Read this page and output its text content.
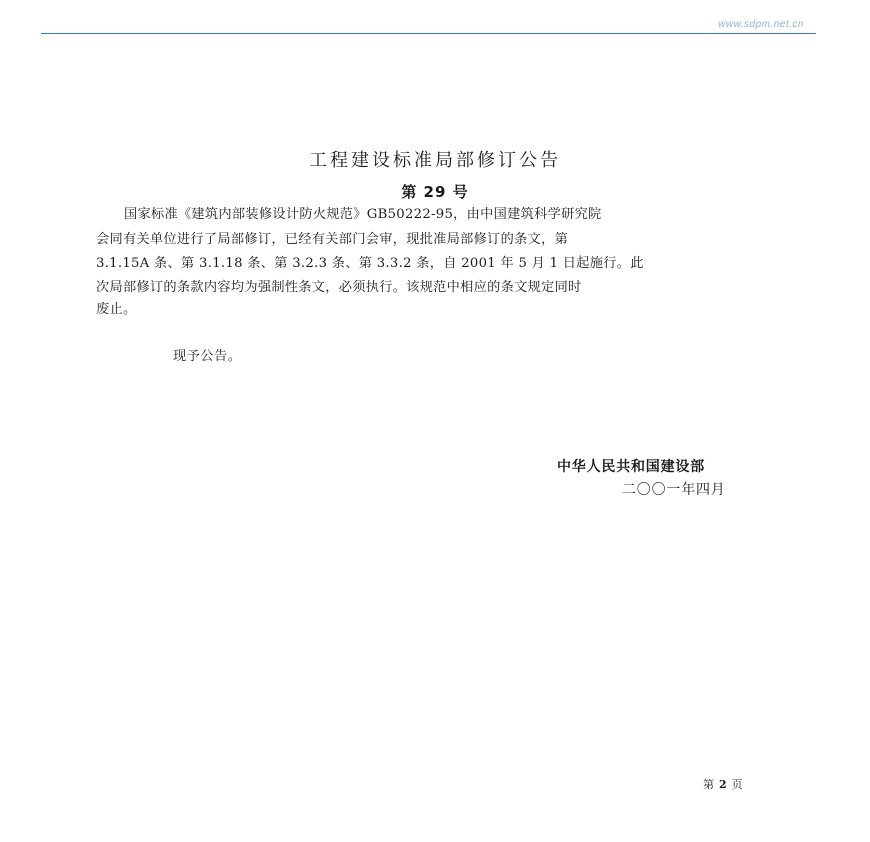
www.sdpm.net.cn
工程建设标准局部修订公告
第 29 号
国家标准《建筑内部装修设计防火规范》GB50222-95，由中国建筑科学研究院
会同有关单位进行了局部修订，已经有关部门会审，现批准局部修订的条文，第
3.1.15A 条、第 3.1.18 条、第 3.2.3 条、第 3.3.2 条，自 2001 年 5 月 1 日起施行。此
次局部修订的条款内容均为强制性条文，必须执行。该规范中相应的条文规定同时
废止。
现予公告。
中华人民共和国建设部
二〇〇一年四月
第 2 页
